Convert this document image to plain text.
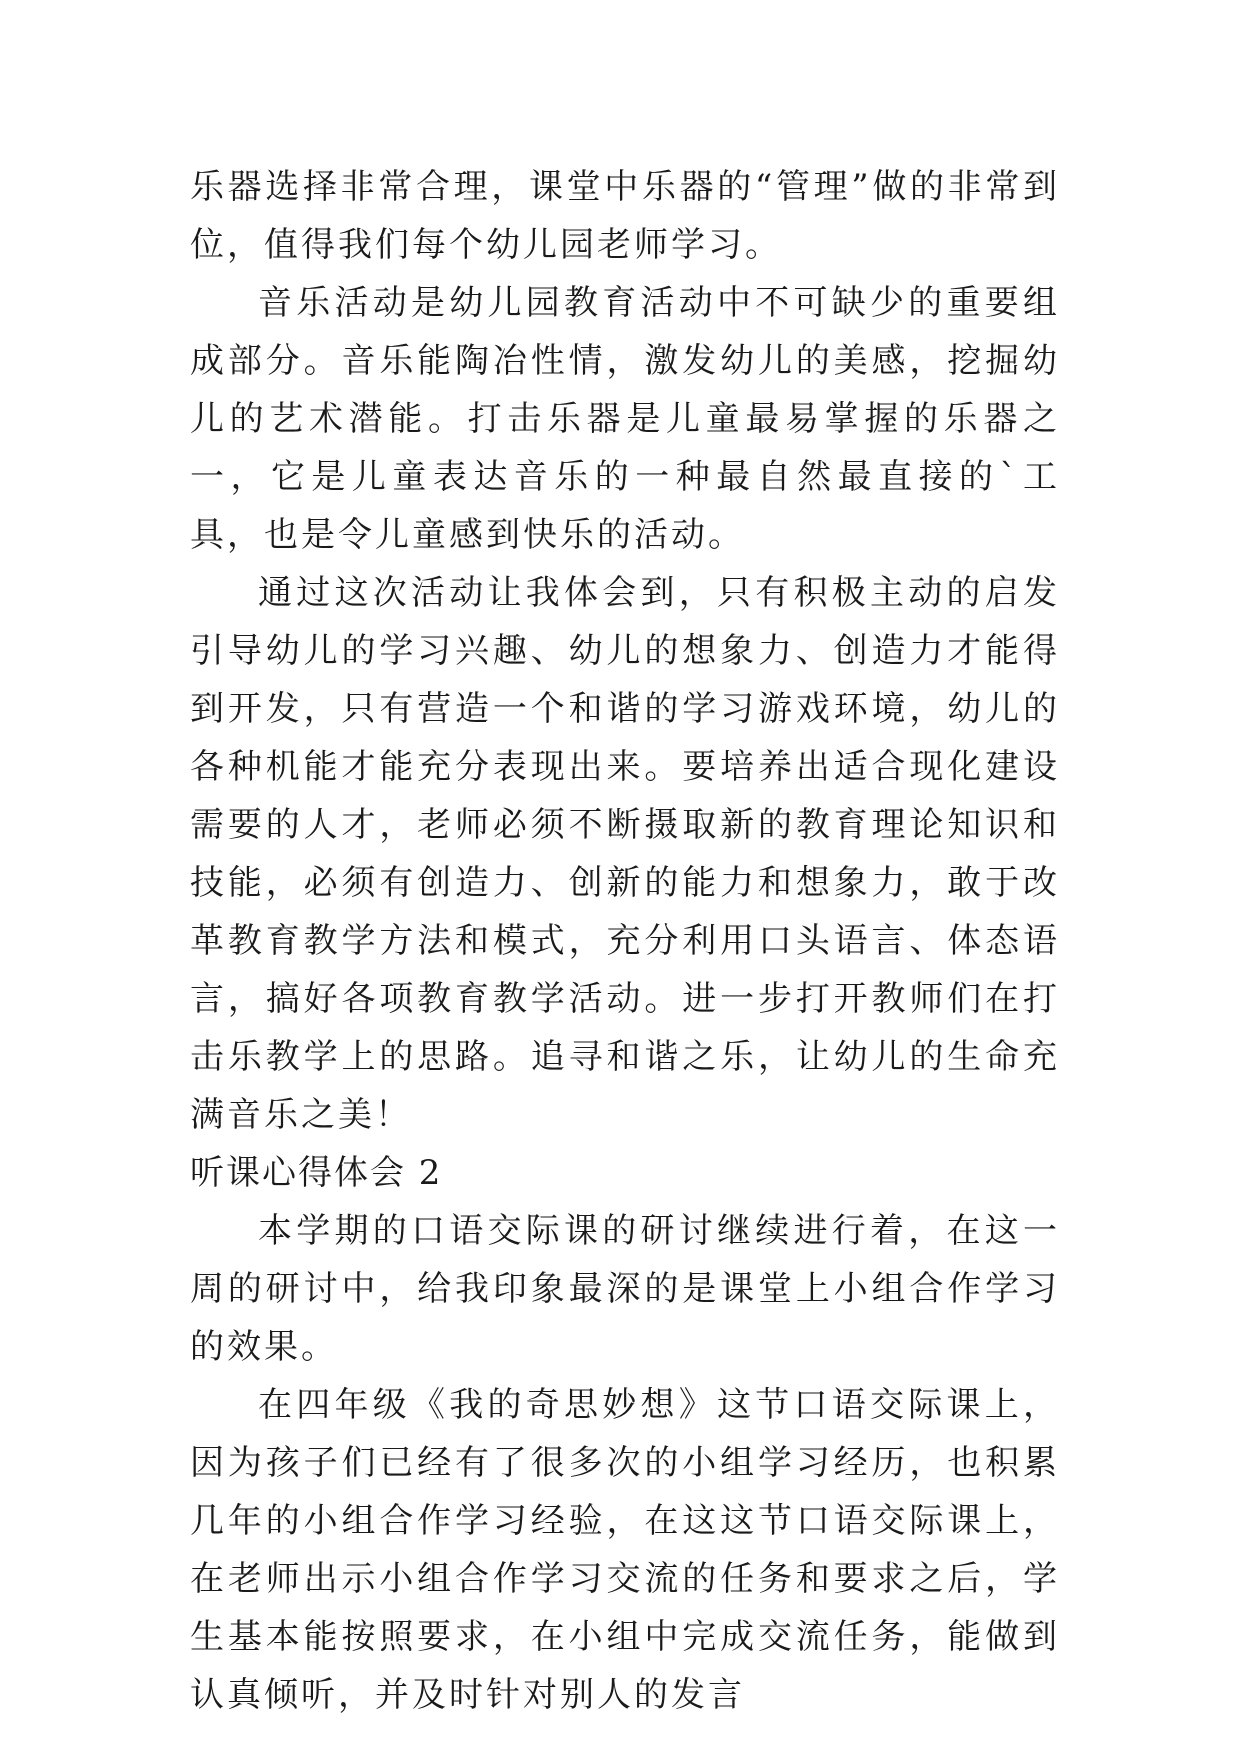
乐器选择非常合理，课堂中乐器的“管理”做的非常到位，值得我们每个幼儿园老师学习。

音乐活动是幼儿园教育活动中不可缺少的重要组成部分。音乐能陶冶性情，激发幼儿的美感，挖掘幼儿的艺术潜能。打击乐器是儿童最易掌握的乐器之一，它是儿童表达音乐的一种最自然最直接的`工具，也是令儿童感到快乐的活动。

通过这次活动让我体会到，只有积极主动的启发引导幼儿的学习兴趣、幼儿的想象力、创造力才能得到开发，只有营造一个和谐的学习游戏环境，幼儿的各种机能才能充分表现出来。要培养出适合现化建设需要的人才，老师必须不断摄取新的教育理论知识和技能，必须有创造力、创新的能力和想象力，敢于改革教育教学方法和模式，充分利用口头语言、体态语言，搞好各项教育教学活动。进一步打开教师们在打击乐教学上的思路。追寻和谐之乐，让幼儿的生命充满音乐之美！

听课心得体会 2

本学期的口语交际课的研讨继续进行着，在这一周的研讨中，给我印象最深的是课堂上小组合作学习的效果。

在四年级《我的奇思妙想》这节口语交际课上，因为孩子们已经有了很多次的小组学习经历，也积累几年的小组合作学习经验，在这这节口语交际课上，在老师出示小组合作学习交流的任务和要求之后，学生基本能按照要求，在小组中完成交流任务，能做到认真倾听，并及时针对别人的发言
